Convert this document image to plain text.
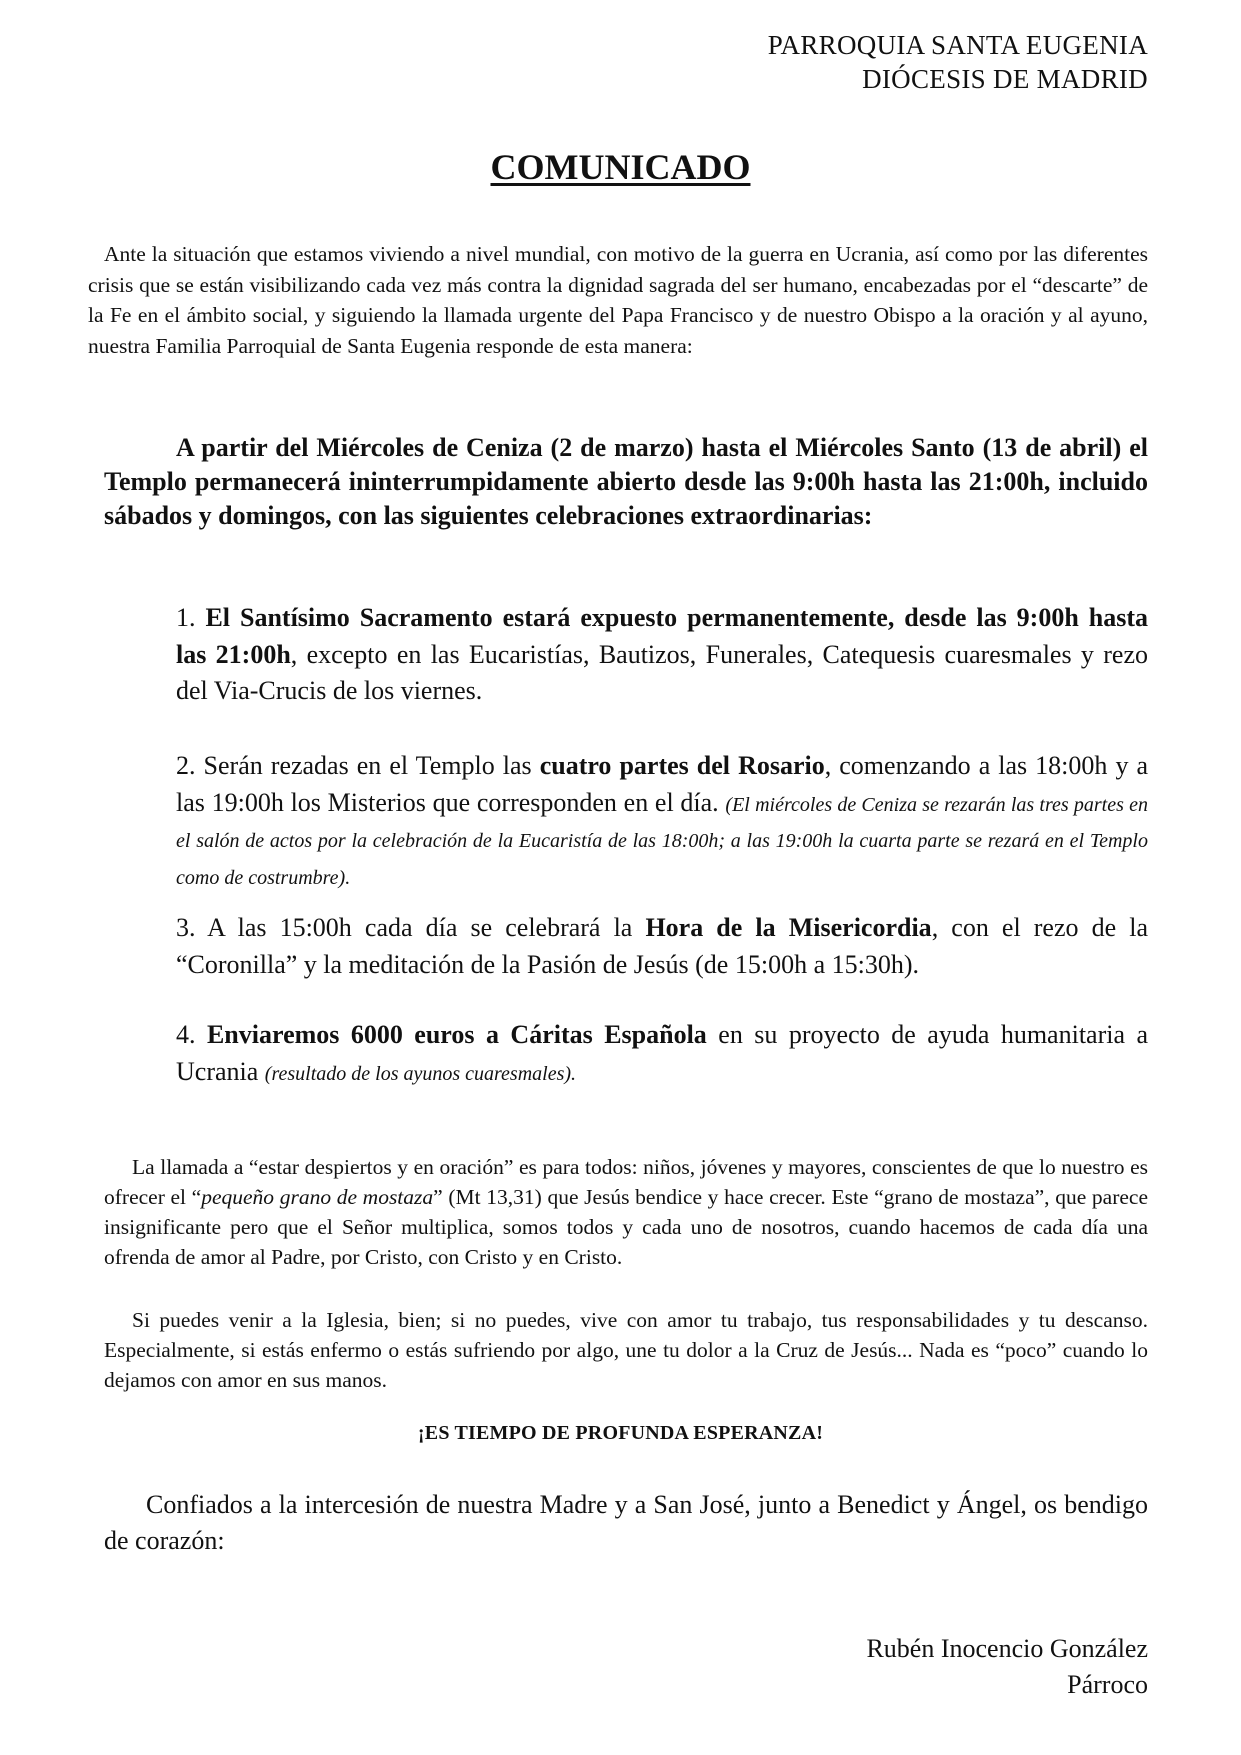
PARROQUIA SANTA EUGENIA
DIÓCESIS DE MADRID
COMUNICADO

Ante la situación que estamos viviendo a nivel mundial, con motivo de la guerra en Ucrania, así como por las diferentes crisis que se están visibilizando cada vez más contra la dignidad sagrada del ser humano, encabezadas por el “descarte” de la Fe en el ámbito social, y siguiendo la llamada urgente del Papa Francisco y de nuestro Obispo a la oración y al ayuno, nuestra Familia Parroquial de Santa Eugenia responde de esta manera:

A partir del Miércoles de Ceniza (2 de marzo) hasta el Miércoles Santo (13 de abril) el Templo permanecerá ininterrumpidamente abierto desde las 9:00h hasta las 21:00h, incluido sábados y domingos, con las siguientes celebraciones extraordinarias:

1. El Santísimo Sacramento estará expuesto permanentemente, desde las 9:00h hasta las 21:00h, excepto en las Eucaristías, Bautizos, Funerales, Catequesis cuaresmales y rezo del Via-Crucis de los viernes.

2. Serán rezadas en el Templo las cuatro partes del Rosario, comenzando a las 18:00h y a las 19:00h los Misterios que corresponden en el día. (El miércoles de Ceniza se rezarán las tres partes en el salón de actos por la celebración de la Eucaristía de las 18:00h; a las 19:00h la cuarta parte se rezará en el Templo como de costrumbre).

3. A las 15:00h cada día se celebrará la Hora de la Misericordia, con el rezo de la “Coronilla” y la meditación de la Pasión de Jesús (de 15:00h a 15:30h).

4. Enviaremos 6000 euros a Cáritas Española en su proyecto de ayuda humanitaria a Ucrania (resultado de los ayunos cuaresmales).

La llamada a “estar despiertos y en oración” es para todos: niños, jóvenes y mayores, conscientes de que lo nuestro es ofrecer el “pequeño grano de mostaza” (Mt 13,31) que Jesús bendice y hace crecer. Este “grano de mostaza”, que parece insignificante pero que el Señor multiplica, somos todos y cada uno de nosotros, cuando hacemos de cada día una ofrenda de amor al Padre, por Cristo, con Cristo y en Cristo.

Si puedes venir a la Iglesia, bien; si no puedes, vive con amor tu trabajo, tus responsabilidades y tu descanso. Especialmente, si estás enfermo o estás sufriendo por algo, une tu dolor a la Cruz de Jesús... Nada es “poco” cuando lo dejamos con amor en sus manos.

¡ES TIEMPO DE PROFUNDA ESPERANZA!

Confiados a la intercesión de nuestra Madre y a San José, junto a Benedict y Ángel, os bendigo de corazón:

Rubén Inocencio González
Párroco
